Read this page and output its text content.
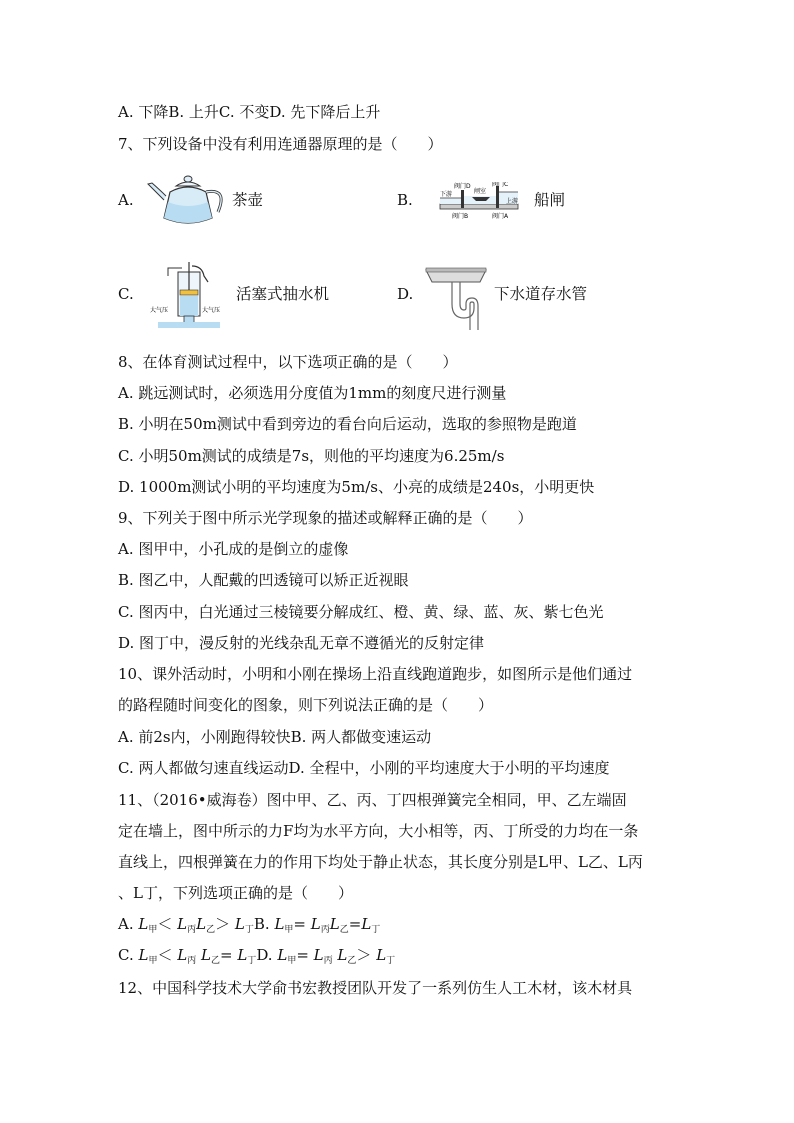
A. 下降B. 上升C. 不变D. 先下降后上升
7、下列设备中没有利用连通器原理的是（　　）
A.	茶壶	B.
阀门D	阀门C
闸室
下游
上游
阀门B	阀门A
船闸
C.
大气压	大气压
活塞式抽水机	D.	下水道存水管
8、在体育测试过程中，以下选项正确的是（　　）
A. 跳远测试时，必须选用分度值为1mm的刻度尺进行测量
B. 小明在50m测试中看到旁边的看台向后运动，选取的参照物是跑道
C. 小明50m测试的成绩是7s，则他的平均速度为6.25m/s
D. 1000m测试小明的平均速度为5m/s、小亮的成绩是240s，小明更快
9、下列关于图中所示光学现象的描述或解释正确的是（　　）
A. 图甲中，小孔成的是倒立的虚像
B. 图乙中，人配戴的凹透镜可以矫正近视眼
C. 图丙中，白光通过三棱镜要分解成红、橙、黄、绿、蓝、灰、紫七色光
D. 图丁中，漫反射的光线杂乱无章不遵循光的反射定律
10、课外活动时，小明和小刚在操场上沿直线跑道跑步，如图所示是他们通过
的路程随时间变化的图象，则下列说法正确的是（　　）
A. 前2s内，小刚跑得较快B. 两人都做变速运动
C. 两人都做匀速直线运动D. 全程中，小刚的平均速度大于小明的平均速度
11、（2016•威海卷）图中甲、乙、丙、丁四根弹簧完全相同，甲、乙左端固
定在墙上，图中所示的力F均为水平方向，大小相等，丙、丁所受的力均在一条
直线上，四根弹簧在力的作用下均处于静止状态，其长度分别是L甲、L乙、L丙
、L丁，下列选项正确的是（　　）
A. $L_甲< L_丙L_乙> L_丁B$. $L_甲= L_丙L_乙=L_丁$
C. $L_甲< L_丙$ $L_乙= L_丁D$. $L_甲= L_丙$ $L_乙> L_丁$
12、中国科学技术大学俞书宏教授团队开发了一系列仿生人工木材，该木材具
